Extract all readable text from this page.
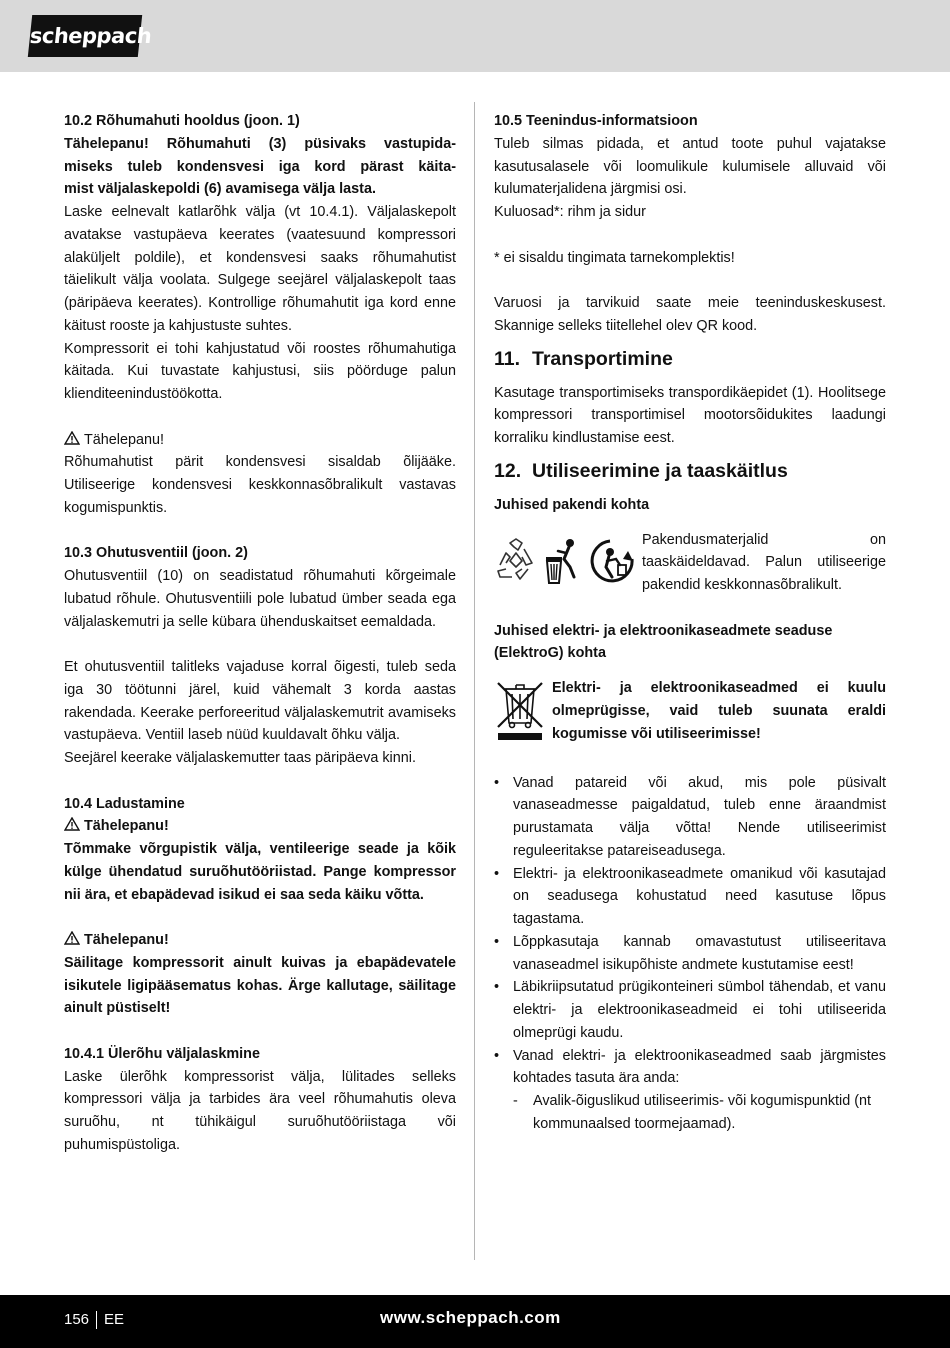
scheppach
10.2 Rõhumahuti hooldus (joon. 1)
Tähelepanu! Rõhumahuti (3) püsivaks vastupida-
miseks tuleb kondensvesi iga kord pärast käita-
mist väljalaskepoldi (6) avamisega välja lasta.

Laske eelnevalt katlarõhk välja (vt 10.4.1). Väljalaskepolt avatakse vastupäeva keerates (vaatesuund kompressori alaküljelt poldile), et kondensvesi saaks rõhumahutist täielikult välja voolata. Sulgege seejärel väljalaskepolt taas (päripäeva keerates). Kontrollige rõhumahutit iga kord enne käitust rooste ja kahjustuste suhtes.

Kompressorit ei tohi kahjustatud või roostes rõhumahutiga käitada. Kui tuvastate kahjustusi, siis pöörduge palun klienditeenindustöökotta.

Tähelepanu!

Rõhumahutist pärit kondensvesi sisaldab õlijääke. Utiliseerige kondensvesi keskkonnasõbralikult vastavas kogumispunktis.

10.3 Ohutusventiil (joon. 2)

Ohutusventiil (10) on seadistatud rõhumahuti kõrgeimale lubatud rõhule. Ohutusventiili pole lubatud ümber seada ega väljalaskemutri ja selle kübara ühenduskaitset eemaldada.

Et ohutusventiil talitleks vajaduse korral õigesti, tuleb seda iga 30 töötunni järel, kuid vähemalt 3 korda aastas rakendada. Keerake perforeeritud väljalaskemutrit avamiseks vastupäeva. Ventiil laseb nüüd kuuldavalt õhku välja.

Seejärel keerake väljalaskemutter taas päripäeva kinni.

10.4 Ladustamine
Tähelepanu!

Tõmmake võrgupistik välja, ventileerige seade ja kõik külge ühendatud suruõhutööriistad. Pange kompressor nii ära, et ebapädevad isikud ei saa seda käiku võtta.

Tähelepanu!

Säilitage kompressorit ainult kuivas ja ebapädevatele isikutele ligipääsematus kohas. Ärge kallutage, säilitage ainult püstiselt!

10.4.1 Ülerõhu väljalaskmine

Laske ülerõhk kompressorist välja, lülitades selleks kompressori välja ja tarbides ära veel rõhumahutis oleva suruõhu, nt tühikäigul suruõhutööriistaga või puhumispüstoliga.

10.5 Teenindus-informatsioon

Tuleb silmas pidada, et antud toote puhul vajatakse kasutusalasele või loomulikule kulumisele alluvaid või kulumaterjalidena järgmisi osi.

Kuluosad*: rihm ja sidur

* ei sisaldu tingimata tarnekomplektis!

Varuosi ja tarvikuid saate meie teeninduskeskusest. Skannige selleks tiitellehel olev QR kood.

11. Transportimine

Kasutage transportimiseks transpordikäepidet (1). Hoolitsege kompressori transportimisel mootorsõidukites laadungi korraliku kindlustamise eest.

12. Utiliseerimine ja taaskäitlus
Juhised pakendi kohta

Pakendusmaterjalid on taaskäideldavad. Palun utiliseerige pakendid keskkonnasõbralikult.

Juhised elektri- ja elektroonikaseadmete seaduse (ElektroG) kohta

Elektri- ja elektroonikaseadmed ei kuulu olmeprügisse, vaid tuleb suunata eraldi kogumisse või utiliseerimisse!

• Vanad patareid või akud, mis pole püsivalt vanaseadmesse paigaldatud, tuleb enne äraandmist purustamata välja võtta! Nende utiliseerimist reguleeritakse patareiseadusega.
• Elektri- ja elektroonikaseadmete omanikud või kasutajad on seadusega kohustatud need kasutuse lõpus tagastama.
• Lõppkasutaja kannab omavastutust utiliseeritava vanaseadmel isikupõhiste andmete kustutamise eest!
• Läbikriipsutatud prügikonteineri sümbol tähendab, et vanu elektri- ja elektroonikaseadmeid ei tohi utiliseerida olmeprügi kaudu.
• Vanad elektri- ja elektroonikaseadmed saab järgmistes kohtades tasuta ära anda:
- Avalik-õiguslikud utiliseerimis- või kogumispunktid (nt kommunaalsed toormejaamad).
156 EE	www.scheppach.com
